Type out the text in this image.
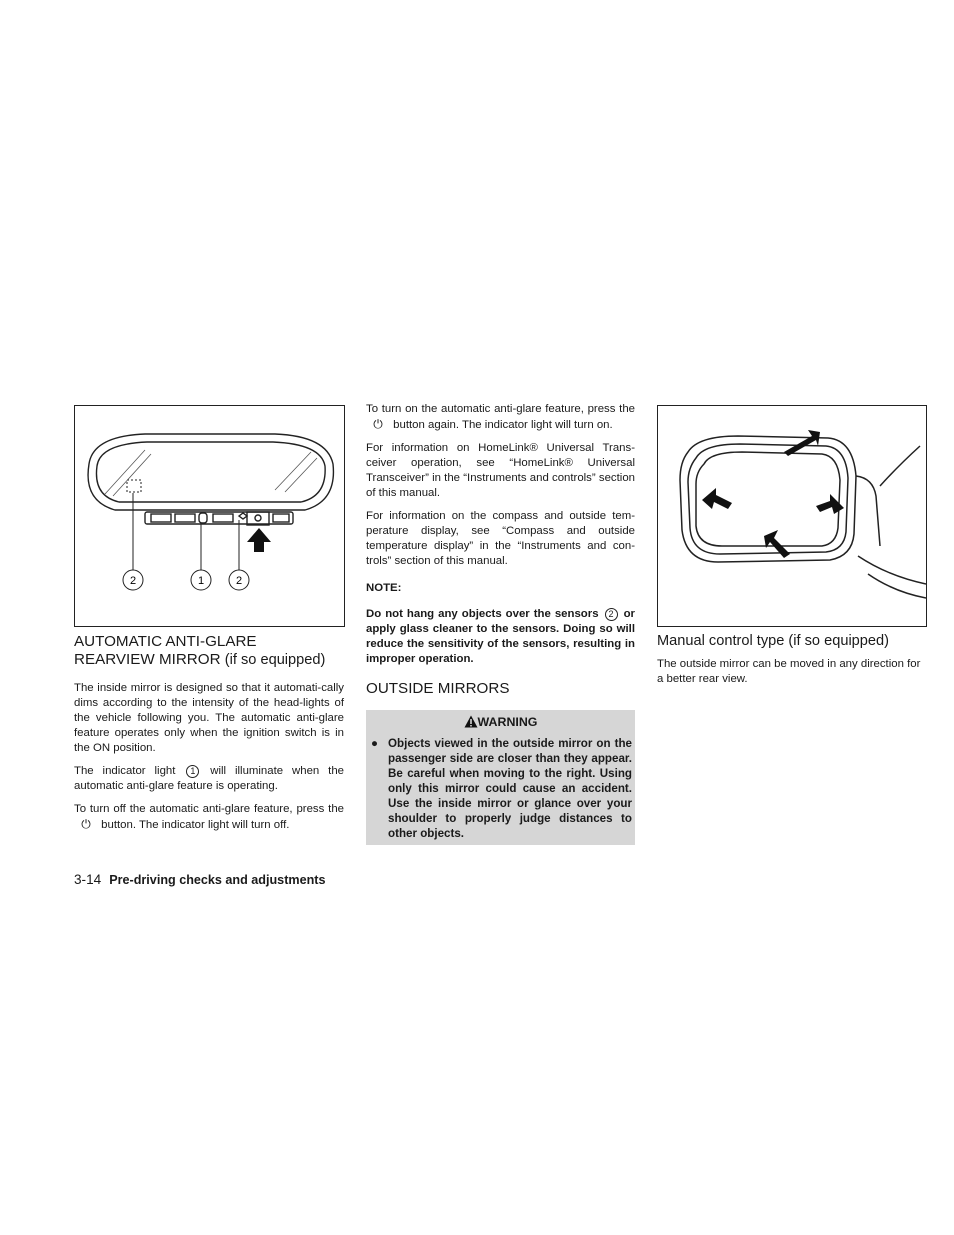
2	1	2
AUTOMATIC ANTI-GLARE
REARVIEW MIRROR (if so equipped)

The inside mirror is designed so that it automati-cally dims according to the intensity of the head-lights of the vehicle following you. The automatic anti-glare feature operates only when the ignition switch is in the ON position.

The indicator light 1 will illuminate when the automatic anti-glare feature is operating.

To turn off the automatic anti-glare feature, press the ⏻ button. The indicator light will turn off.

To turn on the automatic anti-glare feature, press the ⏻ button again. The indicator light will turn on.

For information on HomeLink® Universal Trans-ceiver operation, see “HomeLink® Universal Transceiver” in the “Instruments and controls” section of this manual.

For information on the compass and outside tem-perature display, see “Compass and outside temperature display” in the “Instruments and con-trols” section of this manual.

NOTE:

Do not hang any objects over the sensors 2 or apply glass cleaner to the sensors. Doing so will reduce the sensitivity of the sensors, resulting in improper operation.

OUTSIDE MIRRORS
WARNING
● Objects viewed in the outside mirror on the passenger side are closer than they appear. Be careful when moving to the right. Using only this mirror could cause an accident. Use the inside mirror or glance over your shoulder to properly judge distances to other objects.
Manual control type (if so equipped)

The outside mirror can be moved in any direction for a better rear view.

3-14 Pre-driving checks and adjustments
